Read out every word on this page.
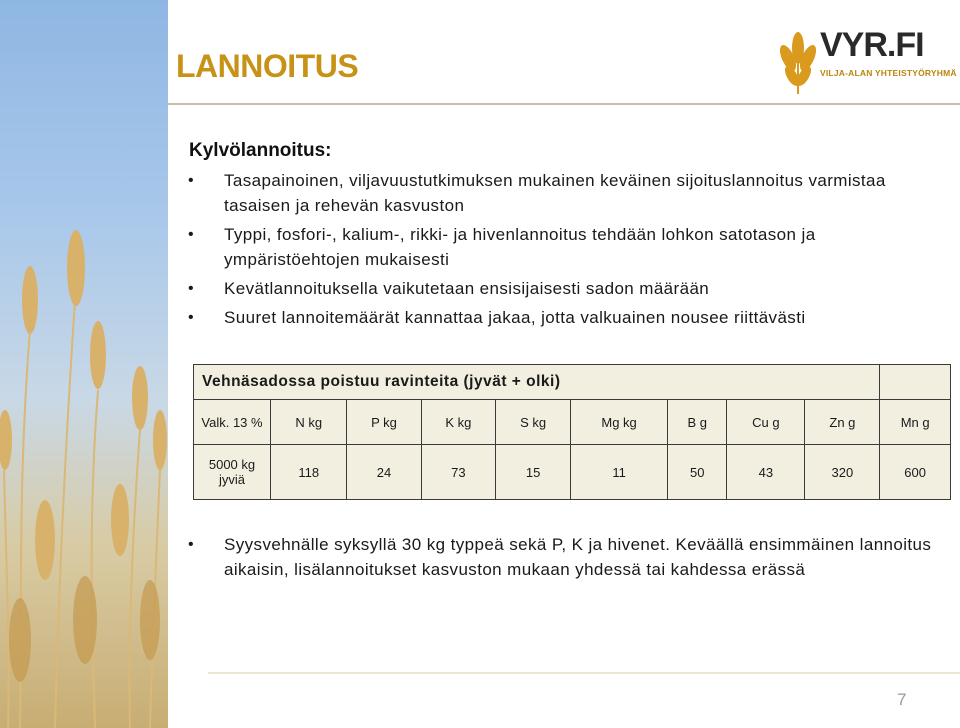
LANNOITUS
VYR.FI
VILJA-ALAN YHTEISTYÖRYHMÄ
Kylvölannoitus:
• Tasapainoinen, viljavuustutkimuksen mukainen keväinen sijoituslannoitus varmistaa tasaisen ja rehevän kasvuston
• Typpi, fosfori-, kalium-, rikki- ja hivenlannoitus tehdään lohkon satotason ja ympäristöehtojen mukaisesti
• Kevätlannoituksella vaikutetaan ensisijaisesti sadon määrään
• Suuret lannoitemäärät kannattaa jakaa, jotta valkuainen nousee riittävästi
Vehnäsadossa poistuu ravinteita (jyvät + olki)									
Valk. 13 %	N kg	P kg	K kg	S kg	Mg kg	B g	Cu g	Zn g	Mn g
5000 kg jyviä	118	24	73	15	11	50	43	320	600
• Syysvehnälle syksyllä 30 kg typpeä sekä P, K ja hivenet. Keväällä ensimmäinen lannoitus aikaisin, lisälannoitukset kasvuston mukaan yhdessä tai kahdessa erässä
7
